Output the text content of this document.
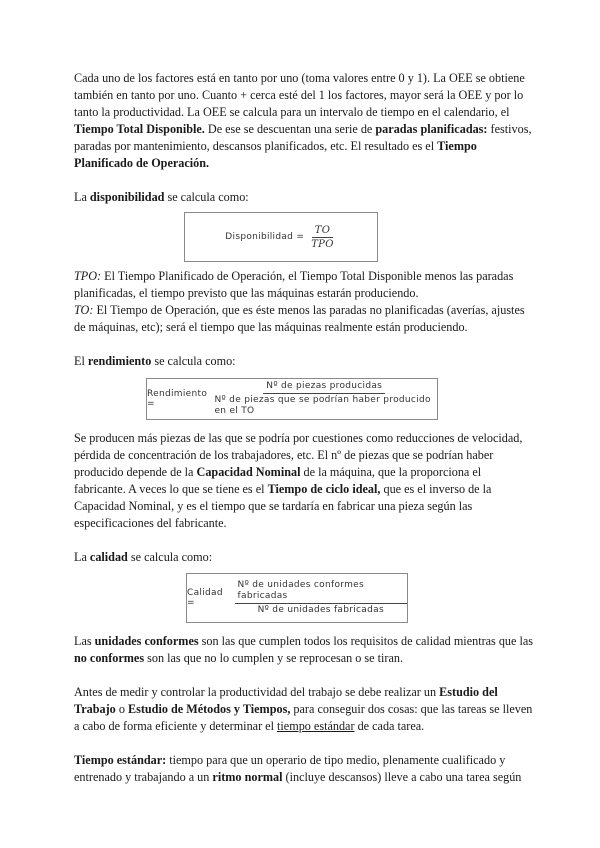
Cada uno de los factores está en tanto por uno (toma valores entre 0 y 1). La OEE se obtiene también en tanto por uno. Cuanto + cerca esté del 1 los factores, mayor será la OEE y por lo tanto la productividad. La OEE se calcula para un intervalo de tiempo en el calendario, el Tiempo Total Disponible. De ese se descuentan una serie de paradas planificadas: festivos, paradas por mantenimiento, descansos planificados, etc. El resultado es el Tiempo Planificado de Operación.

La disponibilidad se calcula como:

Disponibilidad = $\frac{TO}{\text{TPO}}$

TPO: El Tiempo Planificado de Operación, el Tiempo Total Disponible menos las paradas planificadas, el tiempo previsto que las máquinas estarán produciendo.

TO: El Tiempo de Operación, que es éste menos las paradas no planificadas (averías, ajustes de máquinas, etc); será el tiempo que las máquinas realmente están produciendo.

El rendimiento se calcula como:

Rendimiento =	$\frac{\text{Nº de piezas producidas}}{\text{Nº de piezas que se podrían haber producido en el TO}}$

Se producen más piezas de las que se podría por cuestiones como reducciones de velocidad, pérdida de concentración de los trabajadores, etc. El nº de piezas que se podrían haber producido depende de la Capacidad Nominal de la máquina, que la proporciona el fabricante. A veces lo que se tiene es el Tiempo de ciclo ideal, que es el inverso de la Capacidad Nominal, y es el tiempo que se tardaría en fabricar una pieza según las especificaciones del fabricante.

La calidad se calcula como:

Calidad =	$\frac{\text{Nº de unidades conformes fabricadas}}{\text{Nº de unidades fabricadas}}$

Las unidades conformes son las que cumplen todos los requisitos de calidad mientras que las no conformes son las que no lo cumplen y se reprocesan o se tiran.

Antes de medir y controlar la productividad del trabajo se debe realizar un Estudio del Trabajo o Estudio de Métodos y Tiempos, para conseguir dos cosas: que las tareas se lleven a cabo de forma eficiente y determinar el tiempo estándar de cada tarea.

Tiempo estándar: tiempo para que un operario de tipo medio, plenamente cualificado y entrenado y trabajando a un ritmo normal (incluye descansos) lleve a cabo una tarea según
